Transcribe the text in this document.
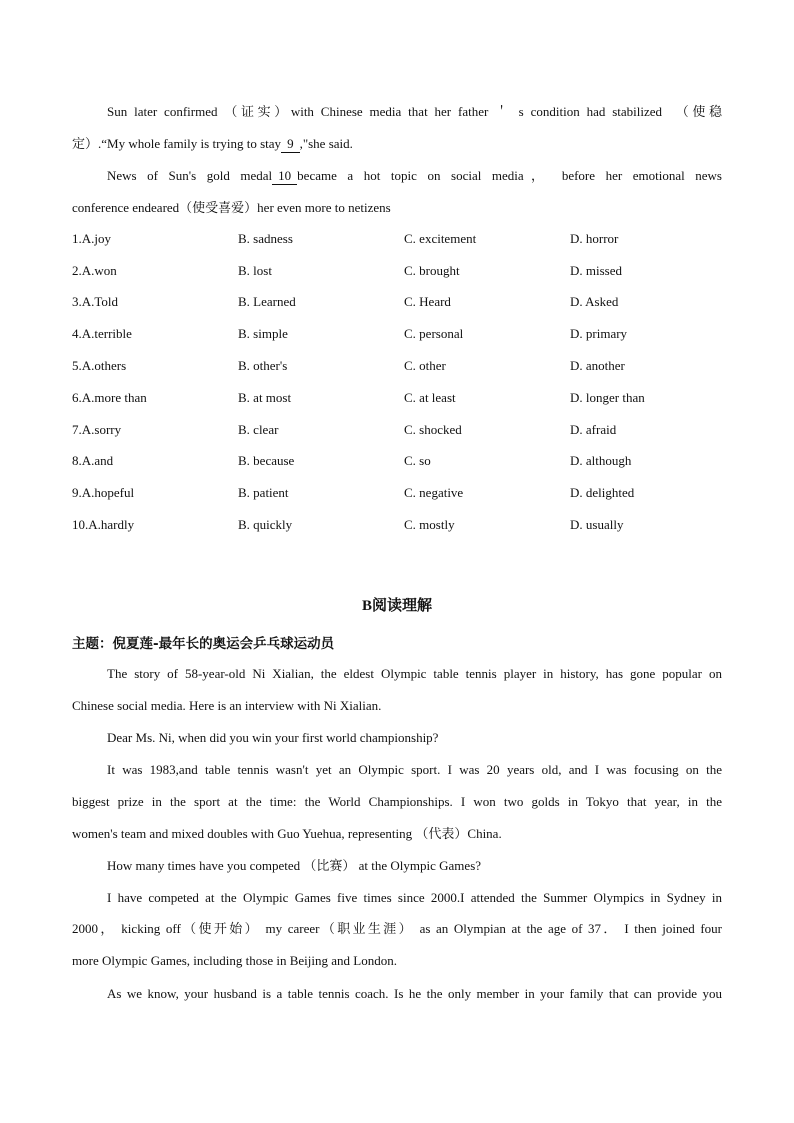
Sun later confirmed （证实）with Chinese media that her father ＇ s condition had stabilized　（使稳
定）.“My whole family is trying to stay 9 ,"she said.
News of Sun's gold medal 10 became a hot topic on social media， before her emotional news
conference endeared（使受喜爱）her even more to netizens
1.A.joy	B. sadness	C. excitement	D. horror
2.A.won	B. lost	C. brought	D. missed
3.A.Told	B. Learned	C. Heard	D. Asked
4.A.terrible	B. simple	C. personal	D. primary
5.A.others	B. other's	C. other	D. another
6.A.more than	B. at most	C. at least	D. longer than
7.A.sorry	B. clear	C. shocked	D. afraid
8.A.and	B. because	C. so	D. although
9.A.hopeful	B. patient	C. negative	D. delighted
10.A.hardly	B. quickly	C. mostly	D. usually
B阅读理解
主题：倪夏莲-最年长的奥运会乒乓球运动员
The story of 58-year-old Ni Xialian, the eldest Olympic table tennis player in history, has gone popular on
Chinese social media. Here is an interview with Ni Xialian.
Dear Ms. Ni, when did you win your first world championship?
It was 1983,and table tennis wasn't yet an Olympic sport. I was 20 years old, and I was focusing on the
biggest prize in the sport at the time: the World Championships. I won two golds in Tokyo that year, in the
women's team and mixed doubles with Guo Yuehua, representing （代表）China.
How many times have you competed （比赛） at the Olympic Games?
I have competed at the Olympic Games five times since 2000.I attended the Summer Olympics in Sydney in
2000， kicking off（使开始） my career（职业生涯） as an Olympian at the age of 37． I then joined four
more Olympic Games, including those in Beijing and London.
As we know, your husband is a table tennis coach. Is he the only member in your family that can provide you
